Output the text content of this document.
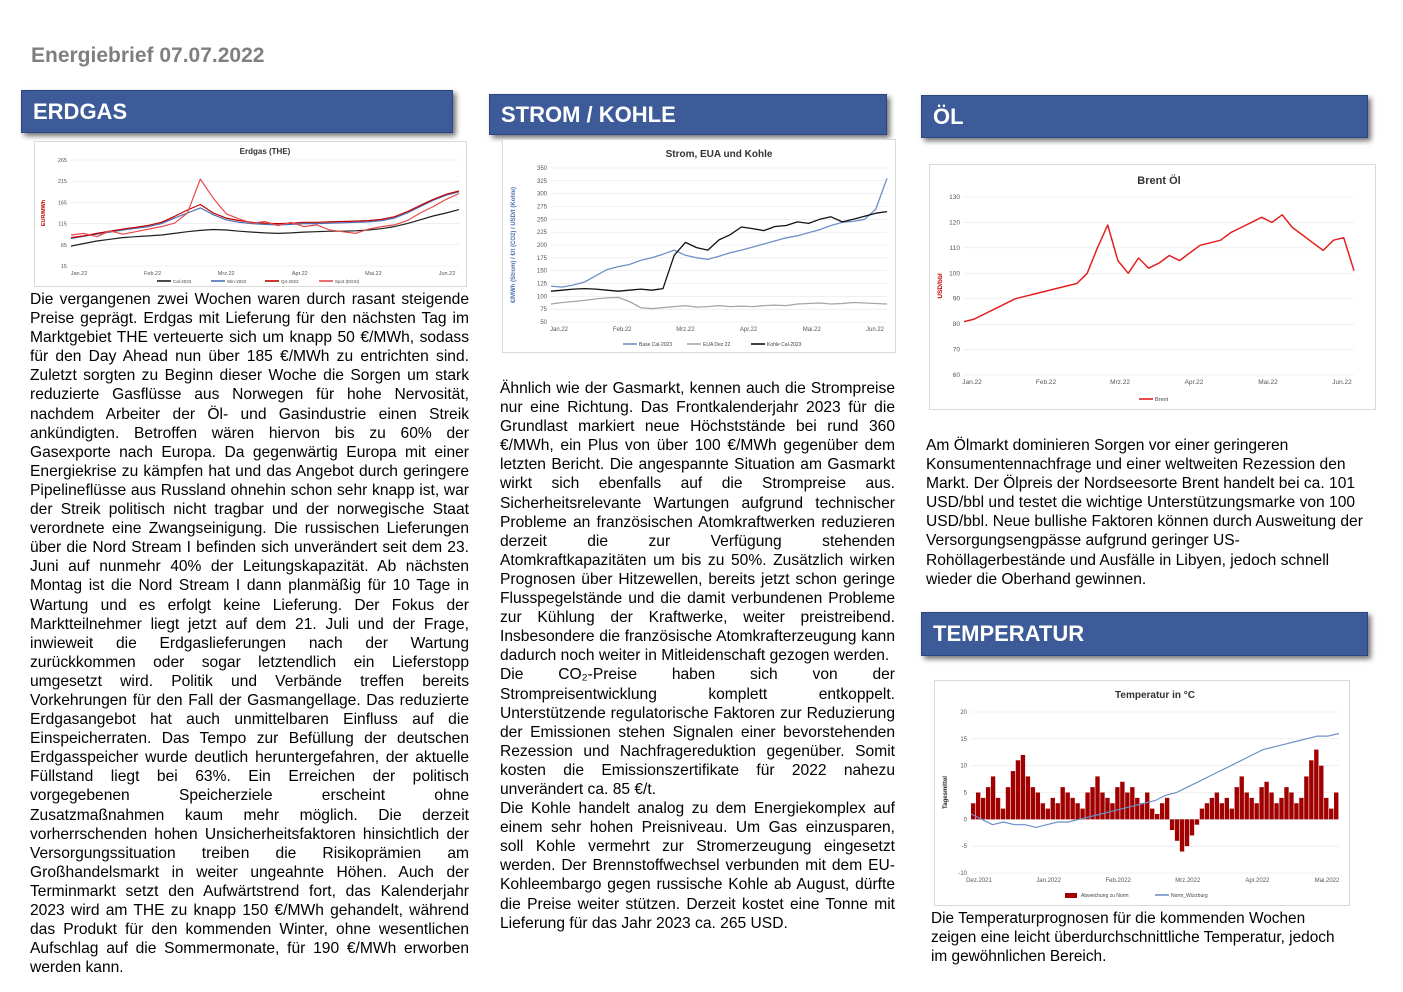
Energiebrief 07.07.2022
ERDGAS
Erdgas (THE)
15
65
115
165
215
265
Jan.22	Feb.22	Mrz.22	Apr.22	Mai.22	Jun.22
EUR/MWh
Cal-2023	Win-2022	Q4-2022	Spot (EGSI)
Die vergangenen zwei Wochen waren durch rasant steigende Preise geprägt. Erdgas mit Lieferung für den nächsten Tag im Marktgebiet THE verteuerte sich um knapp 50 €/MWh, sodass für den Day Ahead nun über 185 €/MWh zu entrichten sind. Zuletzt sorgten zu Beginn dieser Woche die Sorgen um stark reduzierte Gasflüsse aus Norwegen für hohe Nervosität, nachdem Arbeiter der Öl- und Gasindustrie einen Streik ankündigten. Betroffen wären hiervon bis zu 60% der Gasexporte nach Europa. Da gegenwärtig Europa mit einer Energiekrise zu kämpfen hat und das Angebot durch geringere Pipelineflüsse aus Russland ohnehin schon sehr knapp ist, war der Streik politisch nicht tragbar und der norwegische Staat verordnete eine Zwangseinigung. Die russischen Lieferungen über die Nord Stream I befinden sich unverändert seit dem 23. Juni auf nunmehr 40% der Leitungskapazität. Ab nächsten Montag ist die Nord Stream I dann planmäßig für 10 Tage in Wartung und es erfolgt keine Lieferung. Der Fokus der Marktteilnehmer liegt jetzt auf dem 21. Juli und der Frage, inwieweit die Erdgaslieferungen nach der Wartung zurückkommen oder sogar letztendlich ein Lieferstopp umgesetzt wird. Politik und Verbände treffen bereits Vorkehrungen für den Fall der Gasmangellage. Das reduzierte Erdgasangebot hat auch unmittelbaren Einfluss auf die Einspeicherraten. Das Tempo zur Befüllung der deutschen Erdgasspeicher wurde deutlich heruntergefahren, der aktuelle Füllstand liegt bei 63%. Ein Erreichen der politisch vorgegebenen Speicherziele erscheint ohne Zusatzmaßnahmen kaum mehr möglich. Die derzeit vorherrschenden hohen Unsicherheitsfaktoren hinsichtlich der Versorgungssituation treiben die Risikoprämien am Großhandelsmarkt in weiter ungeahnte Höhen. Auch der Terminmarkt setzt den Aufwärtstrend fort, das Kalenderjahr 2023 wird am THE zu knapp 150 €/MWh gehandelt, während das Produkt für den kommenden Winter, ohne wesentlichen Aufschlag auf die Sommermonate, für 190 €/MWh erworben werden kann.
STROM / KOHLE
Strom, EUA und Kohle
50
75
100
125
150
175
200
225
250
275
300
325
350
Jan.22	Feb.22	Mrz.22	Apr.22	Mai.22	Jun.22
€/MWh (Strom) / €/t (CO2) / USD/t (Kohle)
Base Cal-2023	EUA Dez 22	Kohle Cal-2023

Ähnlich wie der Gasmarkt, kennen auch die Strompreise nur eine Richtung. Das Frontkalenderjahr 2023 für die Grundlast markiert neue Höchststände bei rund 360 €/MWh, ein Plus von über 100 €/MWh gegenüber dem letzten Bericht. Die angespannte Situation am Gasmarkt wirkt sich ebenfalls auf die Strompreise aus. Sicherheitsrelevante Wartungen aufgrund technischer Probleme an französischen Atomkraftwerken reduzieren derzeit die zur Verfügung stehenden Atomkraftkapazitäten um bis zu 50%. Zusätzlich wirken Prognosen über Hitzewellen, bereits jetzt schon geringe Flusspegelstände und die damit verbundenen Probleme zur Kühlung der Kraftwerke, weiter preistreibend. Insbesondere die französische Atomkrafterzeugung kann dadurch noch weiter in Mitleidenschaft gezogen werden.

Die CO₂-Preise haben sich von der Strompreisentwicklung komplett entkoppelt. Unterstützende regulatorische Faktoren zur Reduzierung der Emissionen stehen Signalen einer bevorstehenden Rezession und Nachfragereduktion gegenüber. Somit kosten die Emissionszertifikate für 2022 nahezu unverändert ca. 85 €/t.

Die Kohle handelt analog zu dem Energiekomplex auf einem sehr hohen Preisniveau. Um Gas einzusparen, soll Kohle vermehrt zur Stromerzeugung eingesetzt werden. Der Brennstoffwechsel verbunden mit dem EU-Kohleembargo gegen russische Kohle ab August, dürfte die Preise weiter stützen. Derzeit kostet eine Tonne mit Lieferung für das Jahr 2023 ca. 265 USD.

ÖL
Brent Öl
60
70
80
90
100
110
120
130
Jan.22	Feb.22	Mrz.22	Apr.22	Mai.22	Jun.22
USD/bbl
Brent
Am Ölmarkt dominieren Sorgen vor einer geringeren Konsumentennachfrage und einer weltweiten Rezession den Markt. Der Ölpreis der Nordseesorte Brent handelt bei ca. 101 USD/bbl und testet die wichtige Unterstützungsmarke von 100 USD/bbl. Neue bullishe Faktoren können durch Ausweitung der Versorgungsengpässe aufgrund geringer US-Rohöllagerbestände und Ausfälle in Libyen, jedoch schnell wieder die Oberhand gewinnen.
TEMPERATUR
Temperatur in °C
-10
-5
0
5
10
15
20
Dez.2021	Jan.2022	Feb.2022	Mrz.2022	Apr.2022	Mai.2022
Tagesmittel
Abweichung zu Norm	Norm_Würzburg
Die Temperaturprognosen für die kommenden Wochen zeigen eine leicht überdurchschnittliche Temperatur, jedoch im gewöhnlichen Bereich.
